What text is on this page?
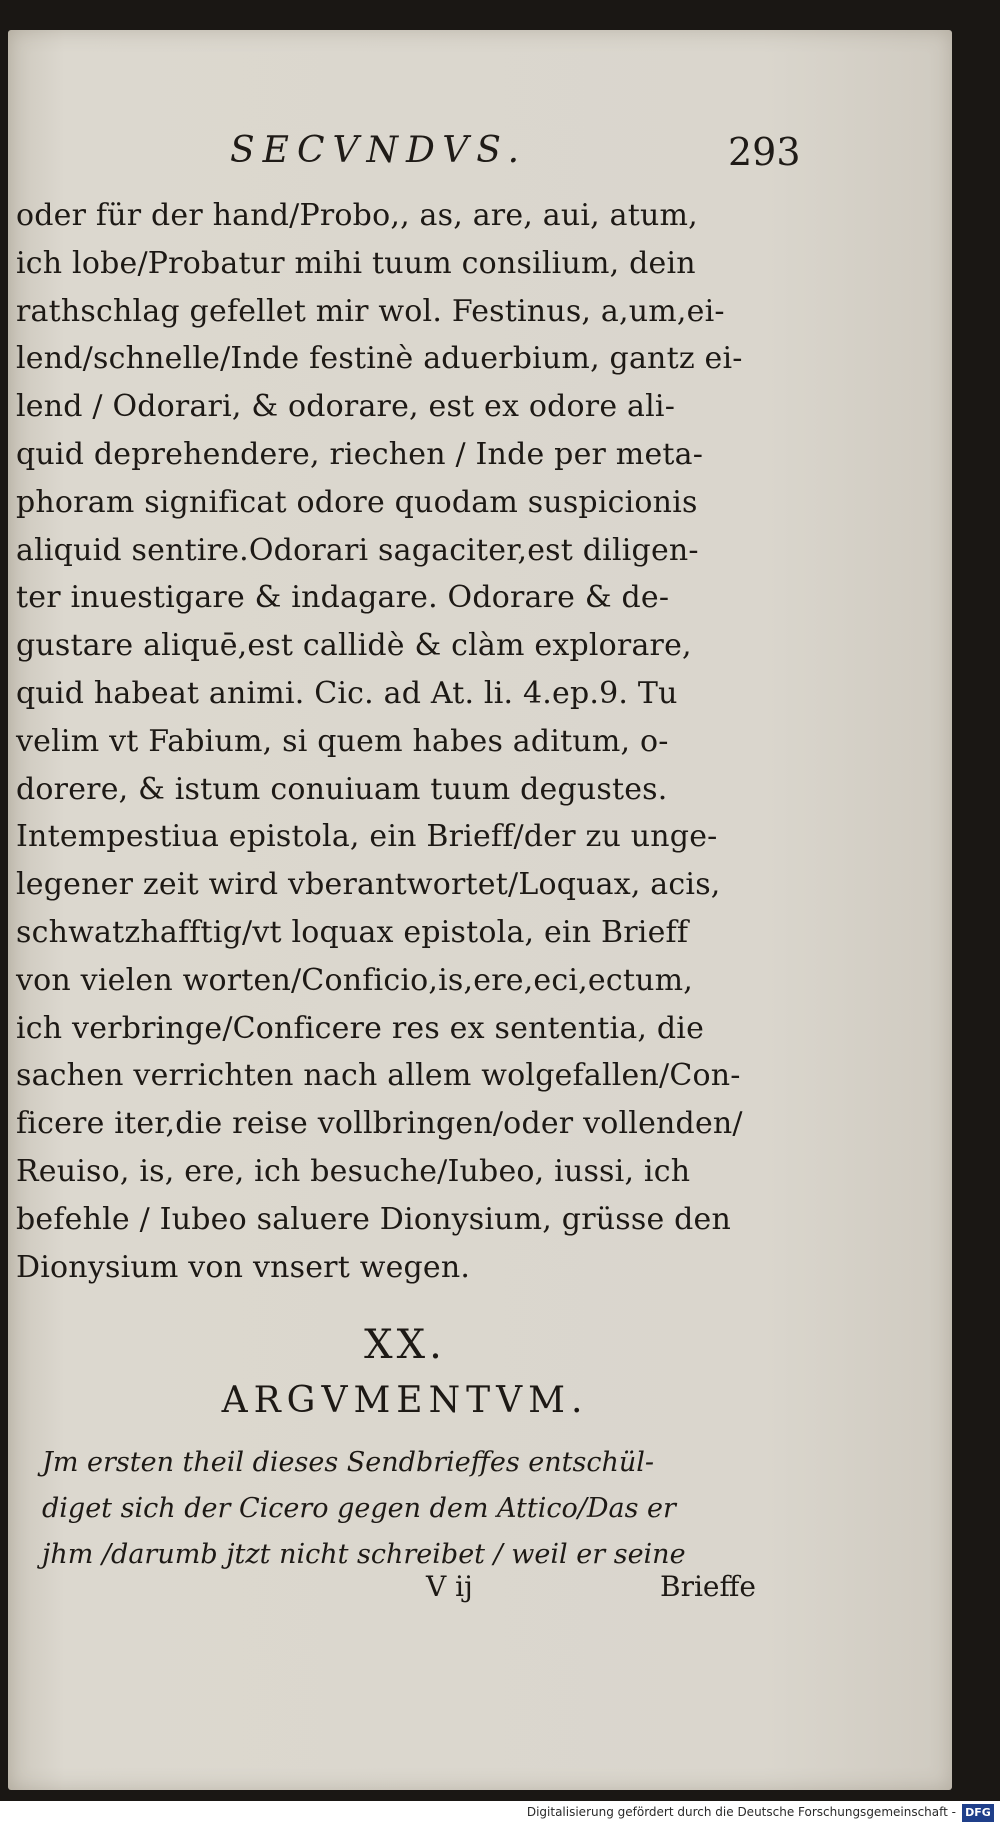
SECVNDVS.	293
oder für der hand/Probo,, as, are, aui, atum,
ich lobe/Probatur mihi tuum consilium, dein
rathschlag gefellet mir wol. Festinus, a,um,ei-
lend/schnelle/Inde festinè aduerbium, gantz ei-
lend / Odorari, & odorare, est ex odore ali-
quid deprehendere, riechen / Inde per meta-
phoram significat odore quodam suspicionis
aliquid sentire.Odorari sagaciter,est diligen-
ter inuestigare & indagare. Odorare & de-
gustare aliquē,est callidè & clàm explorare,
quid habeat animi. Cic. ad At. li. 4.ep.9. Tu
velim vt Fabium, si quem habes aditum, o-
dorere, & istum conuiuam tuum degustes.
Intempestiua epistola, ein Brieff/der zu unge-
legener zeit wird vberantwortet/Loquax, acis,
schwatzhafftig/vt loquax epistola, ein Brieff
von vielen worten/Conficio,is,ere,eci,ectum,
ich verbringe/Conficere res ex sententia, die
sachen verrichten nach allem wolgefallen/Con-
ficere iter,die reise vollbringen/oder vollenden/
Reuiso, is, ere, ich besuche/Iubeo, iussi, ich
befehle / Iubeo saluere Dionysium, grüsse den
Dionysium von vnsert wegen.
XX.
ARGVMENTVM.
Jm ersten theil dieses Sendbrieffes entschül-
diget sich der Cicero gegen dem Attico/Das er
jhm /darumb jtzt nicht schreibet / weil er seine
V ij	Brieffe
Digitalisierung gefördert durch die Deutsche Forschungsgemeinschaft - DFG
